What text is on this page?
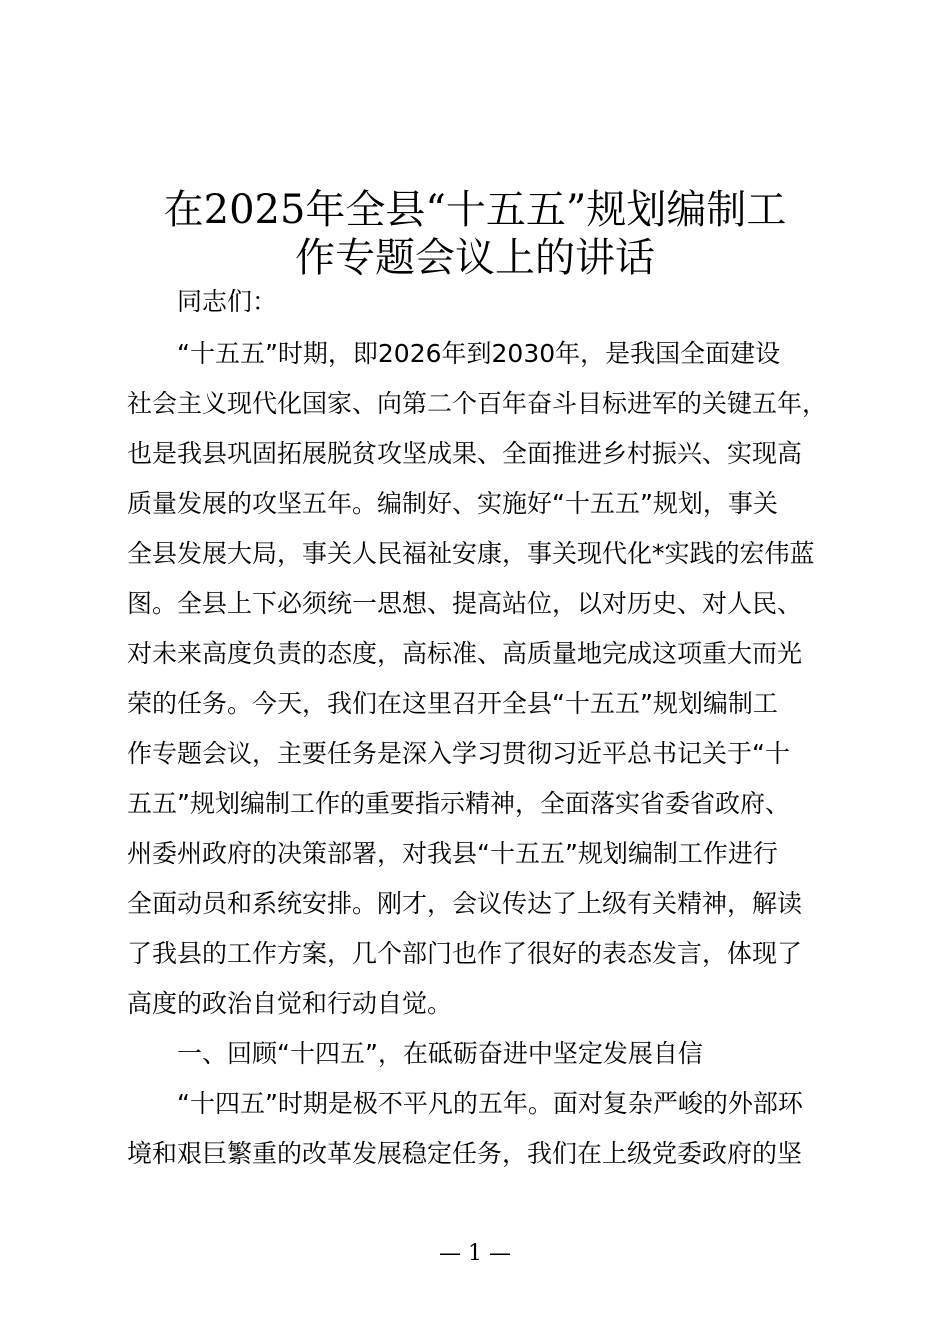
在2025年全县“十五五”规划编制工
作专题会议上的讲话
同志们：
“十五五”时期，即2026年到2030年，是我国全面建设
社会主义现代化国家、向第二个百年奋斗目标进军的关键五年，
也是我县巩固拓展脱贫攻坚成果、全面推进乡村振兴、实现高
质量发展的攻坚五年。编制好、实施好“十五五”规划，事关
全县发展大局，事关人民福祉安康，事关现代化*实践的宏伟蓝
图。全县上下必须统一思想、提高站位，以对历史、对人民、
对未来高度负责的态度，高标准、高质量地完成这项重大而光
荣的任务。今天，我们在这里召开全县“十五五”规划编制工
作专题会议，主要任务是深入学习贯彻习近平总书记关于“十
五五”规划编制工作的重要指示精神，全面落实省委省政府、
州委州政府的决策部署，对我县“十五五”规划编制工作进行
全面动员和系统安排。刚才，会议传达了上级有关精神，解读
了我县的工作方案，几个部门也作了很好的表态发言，体现了
高度的政治自觉和行动自觉。
一、回顾“十四五”，在砥砺奋进中坚定发展自信
“十四五”时期是极不平凡的五年。面对复杂严峻的外部环
境和艰巨繁重的改革发展稳定任务，我们在上级党委政府的坚
— 1 —
